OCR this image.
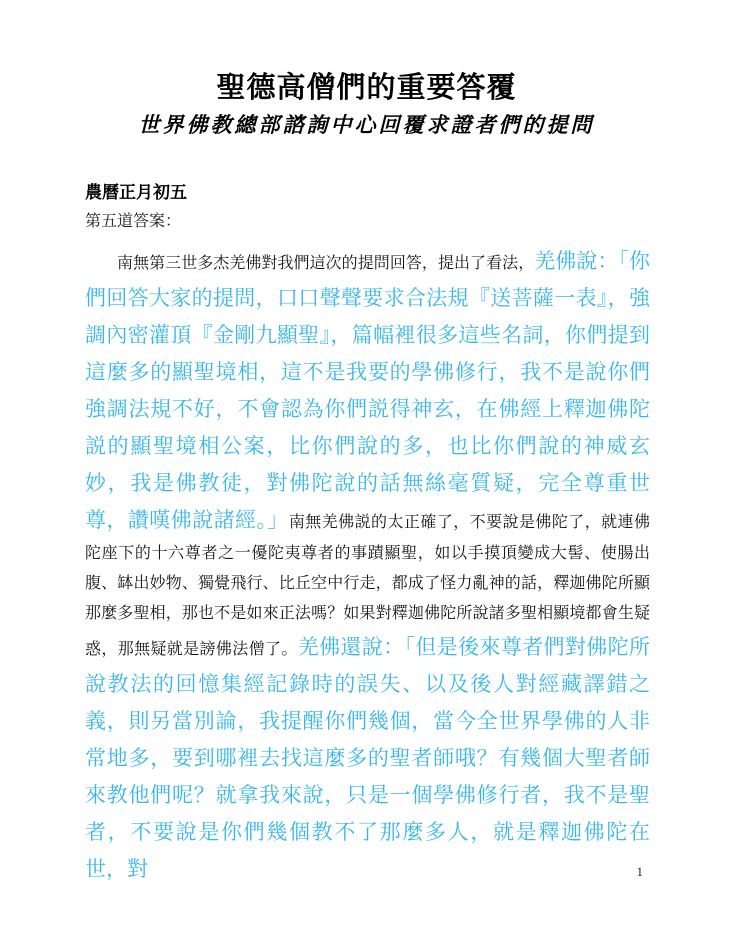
聖德高僧們的重要答覆
世界佛教總部諮詢中心回覆求證者們的提問
農曆正月初五
第五道答案：

南無第三世多杰羌佛對我們這次的提問回答，提出了看法，羌佛說：「你們回答大家的提問，口口聲聲要求合法規『送菩薩一表』，強調內密灌頂『金剛九顯聖』，篇幅裡很多這些名詞，你們提到這麼多的顯聖境相，這不是我要的學佛修行，我不是說你們強調法規不好，不會認為你們説得神玄，在佛經上釋迦佛陀説的顯聖境相公案，比你們說的多，也比你們說的神威玄妙，我是佛教徒，對佛陀說的話無絲毫質疑，完全尊重世尊，讚嘆佛說諸經。」南無羌佛説的太正確了，不要說是佛陀了，就連佛陀座下的十六尊者之一優陀夷尊者的事蹟顯聖，如以手摸頂變成大髻、使腸出腹、缽出妙物、獨覺飛行、比丘空中行走，都成了怪力亂神的話，釋迦佛陀所顯那麼多聖相，那也不是如來正法嗎？如果對釋迦佛陀所說諸多聖相顯境都會生疑惑，那無疑就是謗佛法僧了。羌佛還說：「但是後來尊者們對佛陀所說教法的回憶集經記錄時的誤失、以及後人對經藏譯錯之義，則另當別論，我提醒你們幾個，當今全世界學佛的人非常地多，要到哪裡去找這麼多的聖者師哦？有幾個大聖者師來教他們呢？就拿我來說，只是一個學佛修行者，我不是聖者，不要說是你們幾個教不了那麼多人，就是釋迦佛陀在世，對	1
